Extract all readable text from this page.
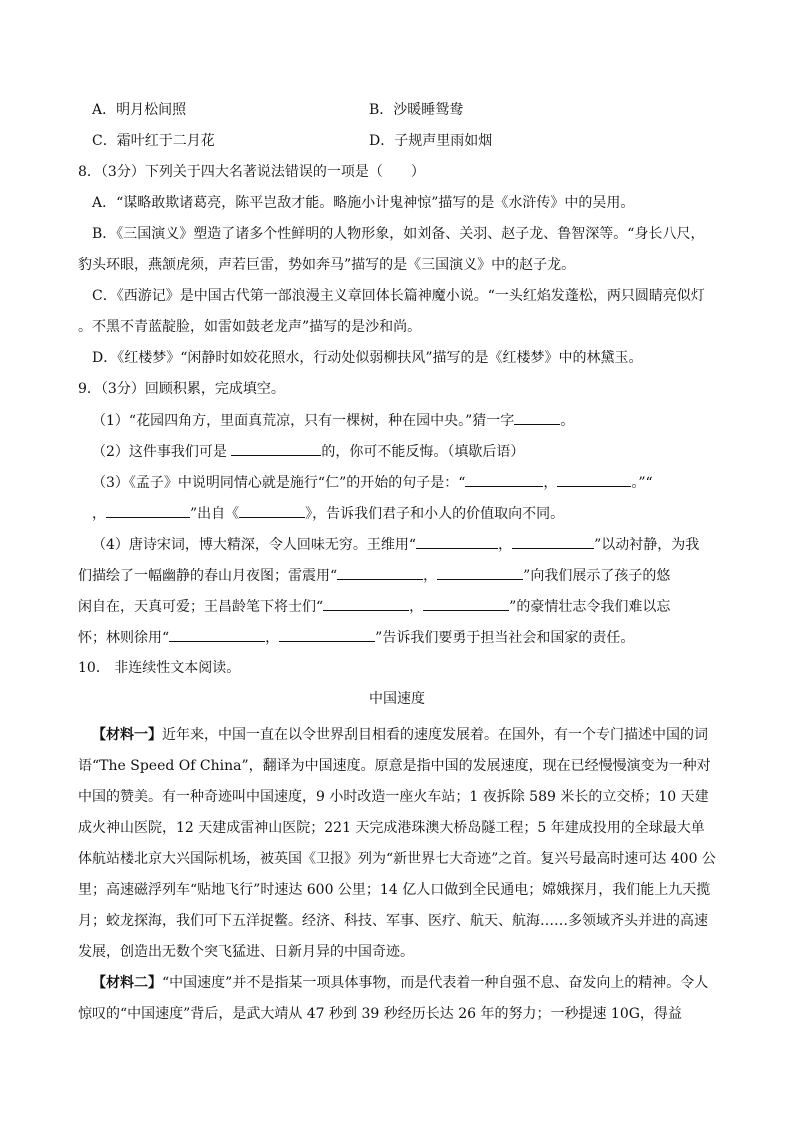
A．明月松间照	B．沙暖睡鸳鸯
C．霜叶红于二月花	D．子规声里雨如烟
8．（3分）下列关于四大名著说法错误的一项是（　　）
A．“谋略敢欺诸葛亮，陈平岂敌才能。略施小计鬼神惊”描写的是《水浒传》中的吴用。
B．《三国演义》塑造了诸多个性鲜明的人物形象，如刘备、关羽、赵子龙、鲁智深等。“身长八尺，
豹头环眼，燕颔虎须，声若巨雷，势如奔马”描写的是《三国演义》中的赵子龙。
C．《西游记》是中国古代第一部浪漫主义章回体长篇神魔小说。“一头红焰发蓬松，两只圆睛亮似灯
。不黑不青蓝靛脸，如雷如鼓老龙声”描写的是沙和尚。
D．《红楼梦》“闲静时如姣花照水，行动处似弱柳扶风”描写的是《红楼梦》中的林黛玉。
9．（3分）回顾积累，完成填空。
（1）“花园四角方，里面真荒凉，只有一棵树，种在园中央。”猜一字	。
（2）这件事我们可是	的，你可不能反悔。（填歇后语）
（3）《孟子》中说明同情心就是施行“仁”的开始的句子是：“	，	。”“
，	”出自《	》，告诉我们君子和小人的价值取向不同。
（4）唐诗宋词，博大精深，令人回味无穷。王维用“	，	”以动衬静，为我
们描绘了一幅幽静的春山月夜图；雷震用“	，	”向我们展示了孩子的悠
闲自在，天真可爱；王昌龄笔下将士们“	，	”的豪情壮志令我们难以忘
怀；林则徐用“	，	”告诉我们要勇于担当社会和国家的责任。
10． 非连续性文本阅读。
中国速度
【材料一】近年来，中国一直在以令世界刮目相看的速度发展着。在国外，有一个专门描述中国的词语“The Speed Of China”，翻译为中国速度。原意是指中国的发展速度，现在已经慢慢演变为一种对中国的赞美。有一种奇迹叫中国速度，9 小时改造一座火车站；1 夜拆除 589 米长的立交桥；10 天建成火神山医院，12 天建成雷神山医院；221 天完成港珠澳大桥岛隧工程；5 年建成投用的全球最大单体航站楼北京大兴国际机场，被英国《卫报》列为“新世界七大奇迹”之首。复兴号最高时速可达 400 公里；高速磁浮列车“贴地飞行”时速达 600 公里；14 亿人口做到全民通电；嫦娥探月，我们能上九天揽月；蛟龙探海，我们可下五洋捉鳖。经济、科技、军事、医疗、航天、航海……多领域齐头并进的高速发展，创造出无数个突飞猛进、日新月异的中国奇迹。
【材料二】“中国速度”并不是指某一项具体事物，而是代表着一种自强不息、奋发向上的精神。令人惊叹的“中国速度”背后，是武大靖从 47 秒到 39 秒经历长达 26 年的努力；一秒提速 10G，得益
